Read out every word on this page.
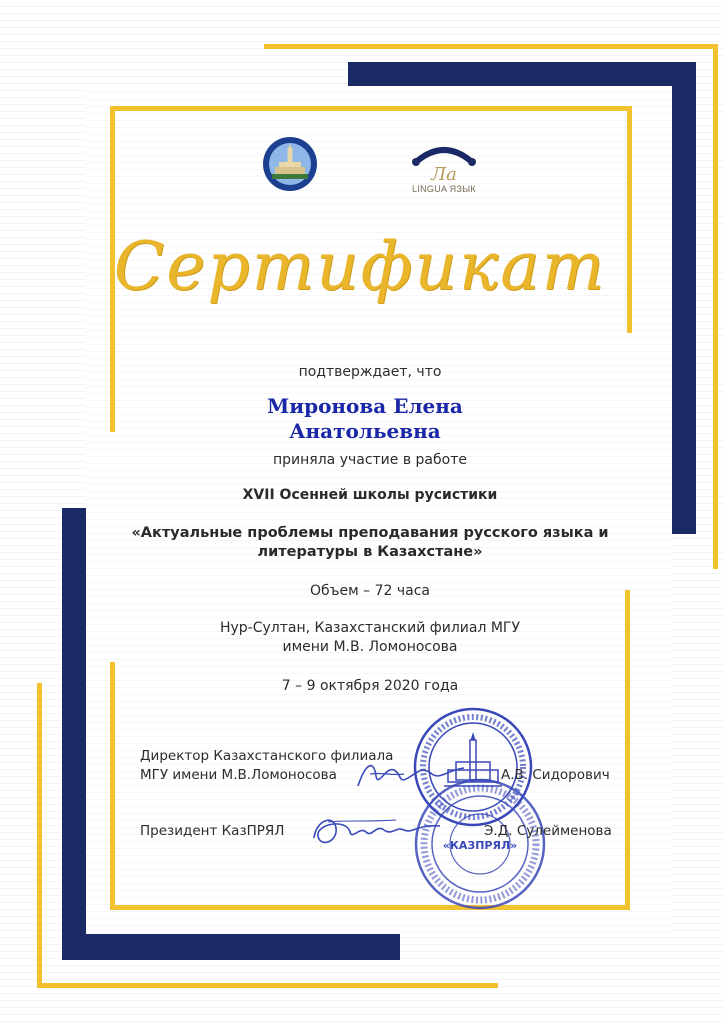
Ла
LINGUA ЯЗЫК
Сертификат
подтверждает, что
Миронова Елена
Анатольевна
приняла участие в работе
XVII Осенней школы русистики
«Актуальные проблемы преподавания русского языка и
литературы в Казахстане»
Объем – 72 часа
Нур-Султан, Казахстанский филиал МГУ
имени М.В. Ломоносова
7 – 9 октября 2020 года
«КАЗПРЯЛ»
Директор Казахстанского филиала
МГУ имени М.В.Ломоносова	А.В. Сидорович
Президент КазПРЯЛ	Э.Д. Сулейменова
